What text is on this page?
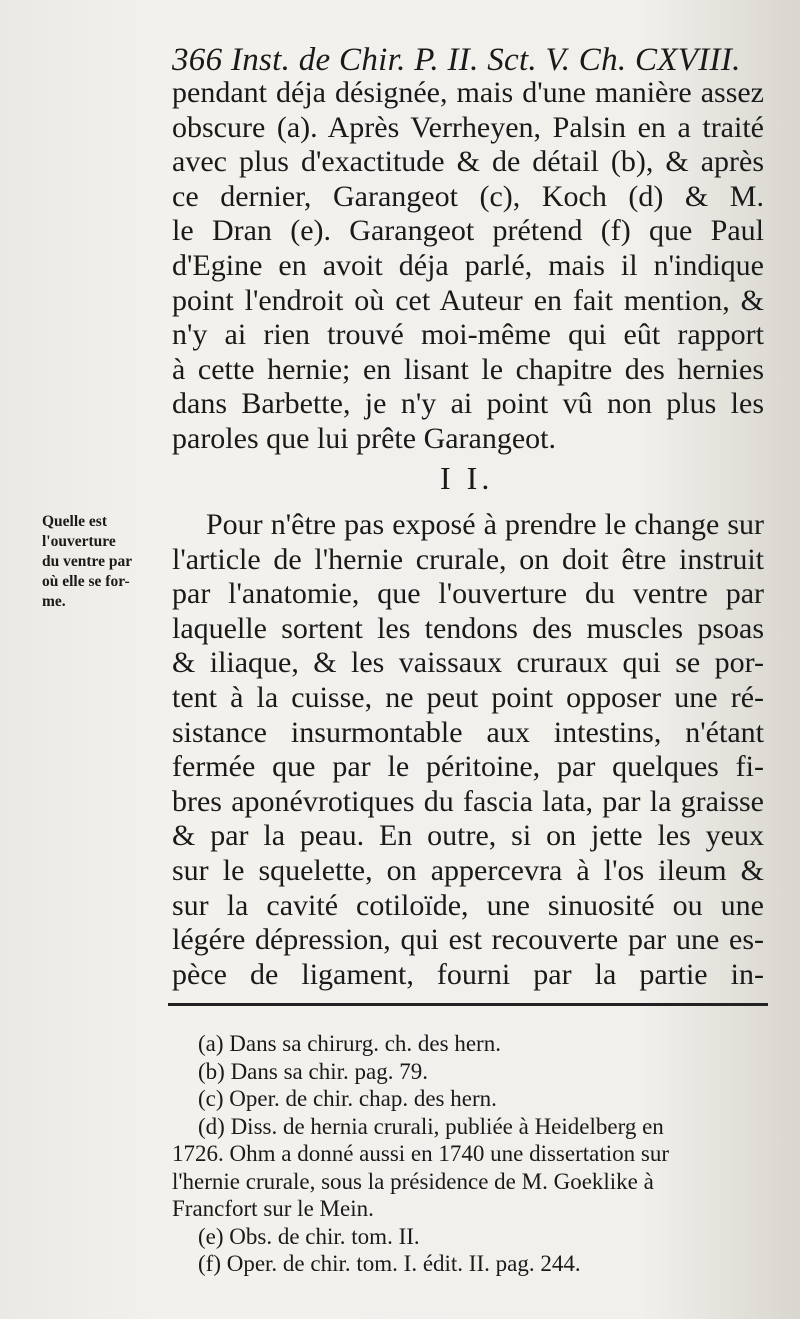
366 Inst. de Chir. P. II. Sct. V. Ch. CXVIII.
pendant déja désignée, mais d'une manière assez
obscure (a). Après Verrheyen, Palsin en a traité
avec plus d'exactitude & de détail (b), & après
ce dernier, Garangeot (c), Koch (d) & M.
le Dran (e). Garangeot prétend (f) que Paul
d'Egine en avoit déja parlé, mais il n'indique
point l'endroit où cet Auteur en fait mention, &
n'y ai rien trouvé moi-même qui eût rapport
à cette hernie; en lisant le chapitre des hernies
dans Barbette, je n'y ai point vû non plus les
paroles que lui prête Garangeot.
I I.
Quelle est
l'ouverture
du ventre par
où elle se for-
me.
Pour n'être pas exposé à prendre le change sur
l'article de l'hernie crurale, on doit être instruit
par l'anatomie, que l'ouverture du ventre par
laquelle sortent les tendons des muscles psoas
& iliaque, & les vaissaux cruraux qui se por-
tent à la cuisse, ne peut point opposer une ré-
sistance insurmontable aux intestins, n'étant
fermée que par le péritoine, par quelques fi-
bres aponévrotiques du fascia lata, par la graisse
& par la peau. En outre, si on jette les yeux
sur le squelette, on appercevra à l'os ileum &
sur la cavité cotiloïde, une sinuosité ou une
légére dépression, qui est recouverte par une es-
pèce de ligament, fourni par la partie in-
(a) Dans sa chirurg. ch. des hern.
(b) Dans sa chir. pag. 79.
(c) Oper. de chir. chap. des hern.
(d) Diss. de hernia crurali, publiée à Heidelberg en
1726. Ohm a donné aussi en 1740 une dissertation sur
l'hernie crurale, sous la présidence de M. Goeklike à
Francfort sur le Mein.
(e) Obs. de chir. tom. II.
(f) Oper. de chir. tom. I. édit. II. pag. 244.
